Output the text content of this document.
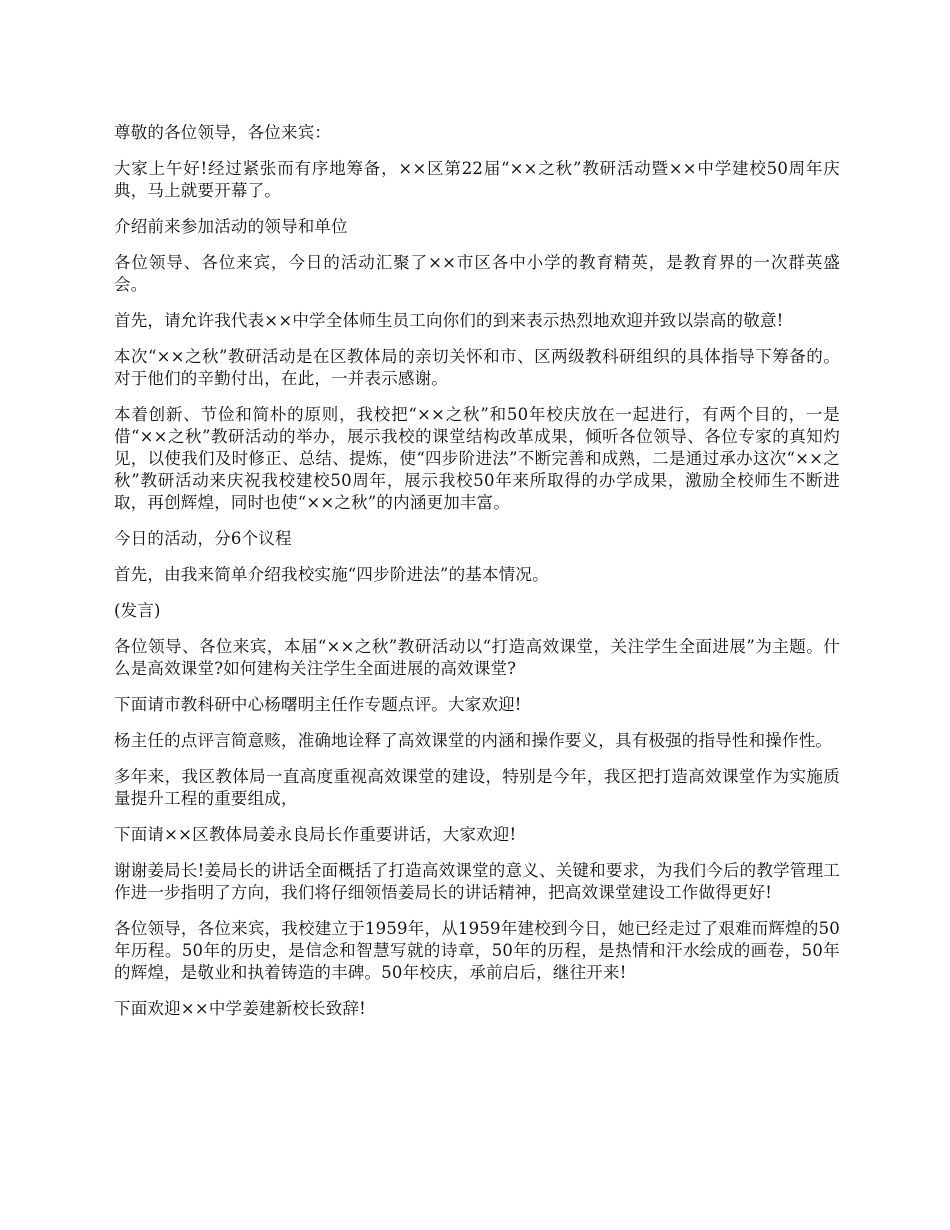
尊敬的各位领导，各位来宾：

大家上午好!经过紧张而有序地筹备，××区第22届“××之秋”教研活动暨××中学建校50周年庆典，马上就要开幕了。

介绍前来参加活动的领导和单位

各位领导、各位来宾，今日的活动汇聚了××市区各中小学的教育精英，是教育界的一次群英盛会。

首先，请允许我代表××中学全体师生员工向你们的到来表示热烈地欢迎并致以崇高的敬意!

本次“××之秋”教研活动是在区教体局的亲切关怀和市、区两级教科研组织的具体指导下筹备的。对于他们的辛勤付出，在此，一并表示感谢。

本着创新、节俭和简朴的原则，我校把“××之秋”和50年校庆放在一起进行，有两个目的，一是借“××之秋”教研活动的举办，展示我校的课堂结构改革成果，倾听各位领导、各位专家的真知灼见，以使我们及时修正、总结、提炼，使“四步阶进法”不断完善和成熟，二是通过承办这次“××之秋”教研活动来庆祝我校建校50周年，展示我校50年来所取得的办学成果，激励全校师生不断进取，再创辉煌，同时也使“××之秋”的内涵更加丰富。

今日的活动，分6个议程

首先，由我来简单介绍我校实施“四步阶进法”的基本情况。

(发言)

各位领导、各位来宾，本届“××之秋”教研活动以“打造高效课堂，关注学生全面进展”为主题。什么是高效课堂?如何建构关注学生全面进展的高效课堂?

下面请市教科研中心杨曙明主任作专题点评。大家欢迎!

杨主任的点评言简意赅，准确地诠释了高效课堂的内涵和操作要义，具有极强的指导性和操作性。

多年来，我区教体局一直高度重视高效课堂的建设，特别是今年，我区把打造高效课堂作为实施质量提升工程的重要组成，

下面请××区教体局姜永良局长作重要讲话，大家欢迎!

谢谢姜局长!姜局长的讲话全面概括了打造高效课堂的意义、关键和要求，为我们今后的教学管理工作进一步指明了方向，我们将仔细领悟姜局长的讲话精神，把高效课堂建设工作做得更好!

各位领导，各位来宾，我校建立于1959年，从1959年建校到今日，她已经走过了艰难而辉煌的50年历程。50年的历史，是信念和智慧写就的诗章，50年的历程，是热情和汗水绘成的画卷，50年的辉煌，是敬业和执着铸造的丰碑。50年校庆，承前启后，继往开来!

下面欢迎××中学姜建新校长致辞!
